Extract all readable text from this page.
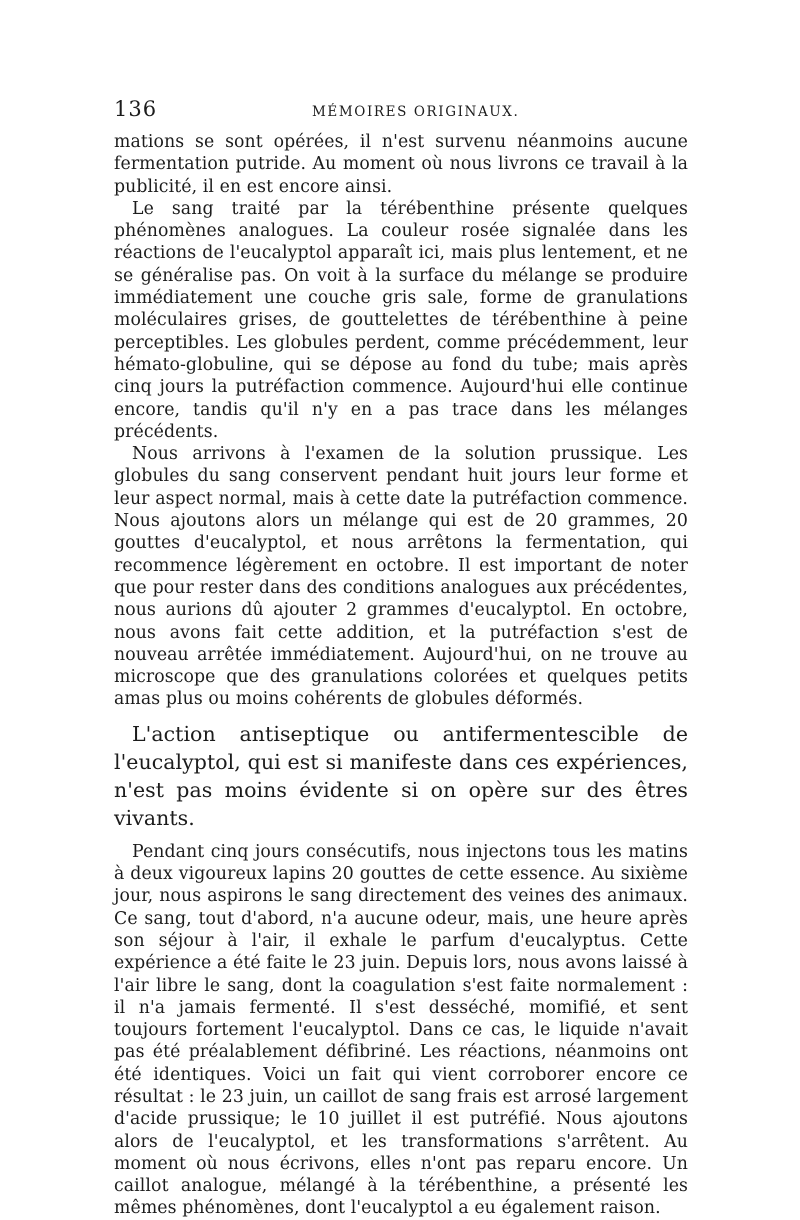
136	MÉMOIRES ORIGINAUX.

mations se sont opérées, il n'est survenu néanmoins aucune fermentation putride. Au moment où nous livrons ce travail à la publicité, il en est encore ainsi.

Le sang traité par la térébenthine présente quelques phénomènes analogues. La couleur rosée signalée dans les réactions de l'eucalyptol apparaît ici, mais plus lentement, et ne se généralise pas. On voit à la surface du mélange se produire immédiatement une couche gris sale, forme de granulations moléculaires grises, de gouttelettes de térébenthine à peine perceptibles. Les globules perdent, comme précédemment, leur hémato-globuline, qui se dépose au fond du tube; mais après cinq jours la putréfaction commence. Aujourd'hui elle continue encore, tandis qu'il n'y en a pas trace dans les mélanges précédents.

Nous arrivons à l'examen de la solution prussique. Les globules du sang conservent pendant huit jours leur forme et leur aspect normal, mais à cette date la putréfaction commence. Nous ajoutons alors un mélange qui est de 20 grammes, 20 gouttes d'eucalyptol, et nous arrêtons la fermentation, qui recommence légèrement en octobre. Il est important de noter que pour rester dans des conditions analogues aux précédentes, nous aurions dû ajouter 2 grammes d'eucalyptol. En octobre, nous avons fait cette addition, et la putréfaction s'est de nouveau arrêtée immédiatement. Aujourd'hui, on ne trouve au microscope que des granulations colorées et quelques petits amas plus ou moins cohérents de globules déformés.

L'action antiseptique ou antifermentescible de l'eucalyptol, qui est si manifeste dans ces expériences, n'est pas moins évidente si on opère sur des êtres vivants.

Pendant cinq jours consécutifs, nous injectons tous les matins à deux vigoureux lapins 20 gouttes de cette essence. Au sixième jour, nous aspirons le sang directement des veines des animaux. Ce sang, tout d'abord, n'a aucune odeur, mais, une heure après son séjour à l'air, il exhale le parfum d'eucalyptus. Cette expérience a été faite le 23 juin. Depuis lors, nous avons laissé à l'air libre le sang, dont la coagulation s'est faite normalement : il n'a jamais fermenté. Il s'est desséché, momifié, et sent toujours fortement l'eucalyptol. Dans ce cas, le liquide n'avait pas été préalablement défibriné. Les réactions, néanmoins ont été identiques. Voici un fait qui vient corroborer encore ce résultat : le 23 juin, un caillot de sang frais est arrosé largement d'acide prussique; le 10 juillet il est putréfié. Nous ajoutons alors de l'eucalyptol, et les transformations s'arrêtent. Au moment où nous écrivons, elles n'ont pas reparu encore. Un caillot analogue, mélangé à la térébenthine, a présenté les mêmes phénomènes, dont l'eucalyptol a eu également raison.
